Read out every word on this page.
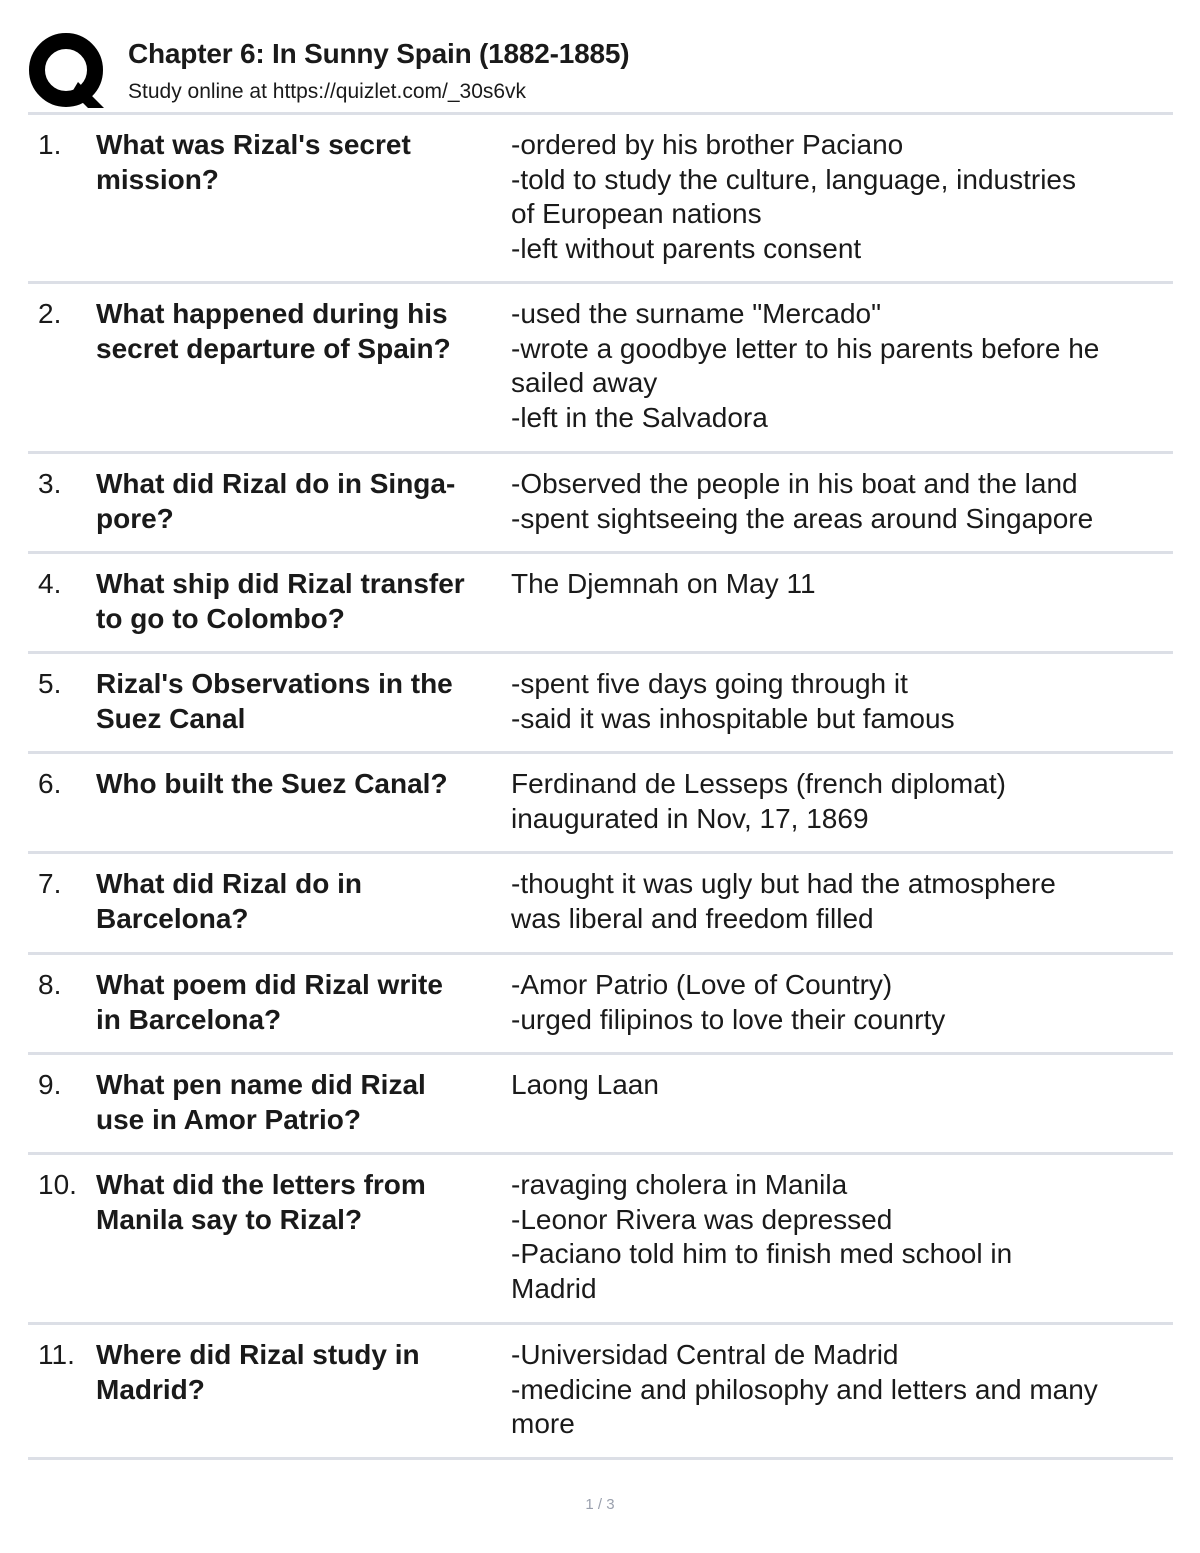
Chapter 6: In Sunny Spain (1882-1885)
Study online at https://quizlet.com/_30s6vk
1. What was Rizal's secret
mission?
-ordered by his brother Paciano
-told to study the culture, language, industries
of European nations
-left without parents consent
2. What happened during his
secret departure of Spain?
-used the surname "Mercado"
-wrote a goodbye letter to his parents before he
sailed away
-left in the Salvadora
3. What did Rizal do in Singa-
pore?
-Observed the people in his boat and the land
-spent sightseeing the areas around Singapore
4. What ship did Rizal transfer
to go to Colombo?
The Djemnah on May 11
5. Rizal's Observations in the
Suez Canal
-spent five days going through it
-said it was inhospitable but famous
6. Who built the Suez Canal?	Ferdinand de Lesseps (french diplomat)
inaugurated in Nov, 17, 1869
7. What did Rizal do in
Barcelona?
-thought it was ugly but had the atmosphere
was liberal and freedom filled
8. What poem did Rizal write
in Barcelona?
-Amor Patrio (Love of Country)
-urged filipinos to love their counrty
9. What pen name did Rizal
use in Amor Patrio?
Laong Laan
10. What did the letters from
Manila say to Rizal?
-ravaging cholera in Manila
-Leonor Rivera was depressed
-Paciano told him to finish med school in
Madrid
11. Where did Rizal study in
Madrid?
-Universidad Central de Madrid
-medicine and philosophy and letters and many
more
1 / 3
